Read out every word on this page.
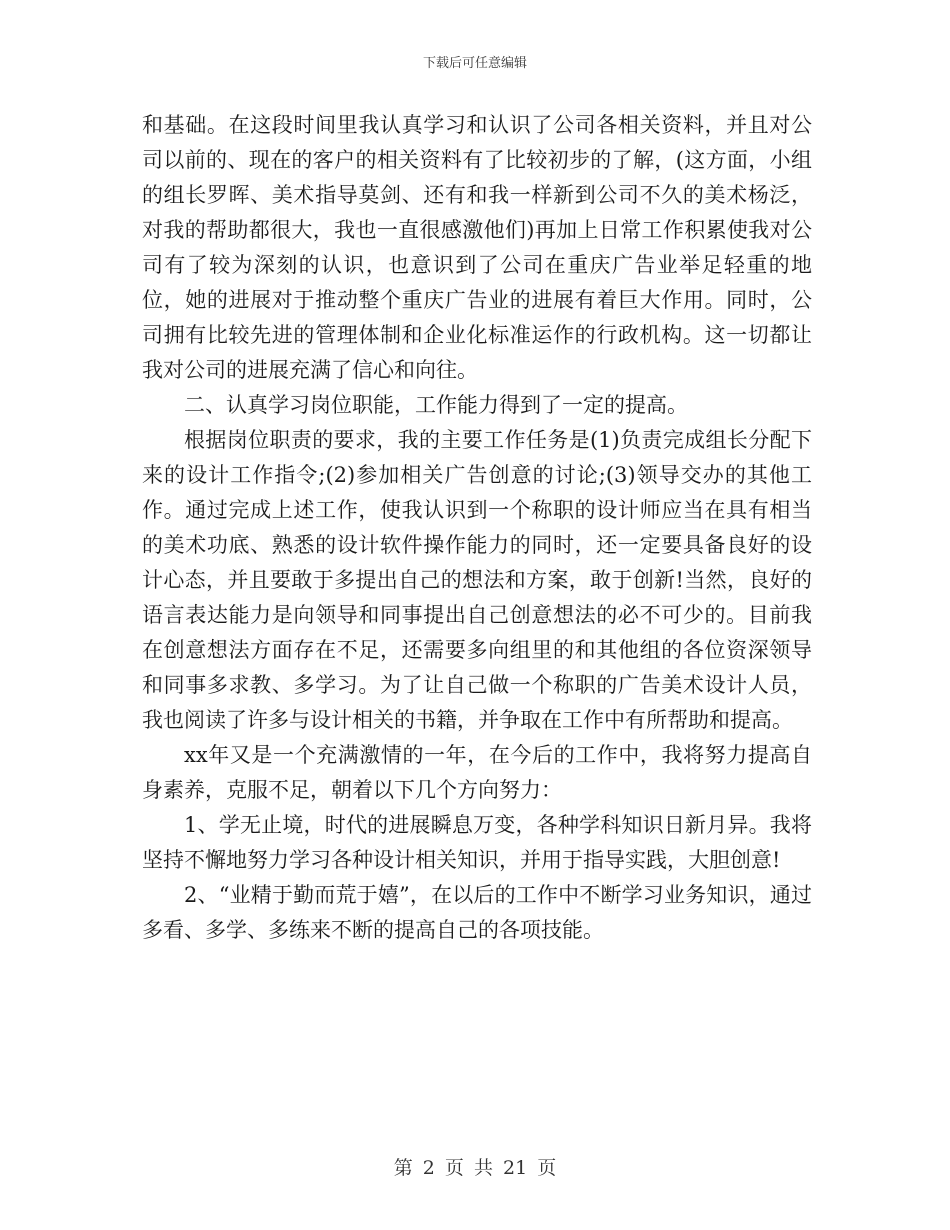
下载后可任意编辑

和基础。在这段时间里我认真学习和认识了公司各相关资料，并且对公司以前的、现在的客户的相关资料有了比较初步的了解，(这方面，小组的组长罗晖、美术指导莫剑、还有和我一样新到公司不久的美术杨泛，对我的帮助都很大，我也一直很感激他们)再加上日常工作积累使我对公司有了较为深刻的认识，也意识到了公司在重庆广告业举足轻重的地位，她的进展对于推动整个重庆广告业的进展有着巨大作用。同时，公司拥有比较先进的管理体制和企业化标准运作的行政机构。这一切都让我对公司的进展充满了信心和向往。

二、认真学习岗位职能，工作能力得到了一定的提高。

根据岗位职责的要求，我的主要工作任务是(1)负责完成组长分配下来的设计工作指令;(2)参加相关广告创意的讨论;(3)领导交办的其他工作。通过完成上述工作，使我认识到一个称职的设计师应当在具有相当的美术功底、熟悉的设计软件操作能力的同时，还一定要具备良好的设计心态，并且要敢于多提出自己的想法和方案，敢于创新!当然，良好的语言表达能力是向领导和同事提出自己创意想法的必不可少的。目前我在创意想法方面存在不足，还需要多向组里的和其他组的各位资深领导和同事多求教、多学习。为了让自己做一个称职的广告美术设计人员，我也阅读了许多与设计相关的书籍，并争取在工作中有所帮助和提高。

xx年又是一个充满激情的一年，在今后的工作中，我将努力提高自身素养，克服不足，朝着以下几个方向努力：

1、学无止境，时代的进展瞬息万变，各种学科知识日新月异。我将坚持不懈地努力学习各种设计相关知识，并用于指导实践，大胆创意!

2、“业精于勤而荒于嬉”，在以后的工作中不断学习业务知识，通过多看、多学、多练来不断的提高自己的各项技能。

第 2 页 共 21 页
